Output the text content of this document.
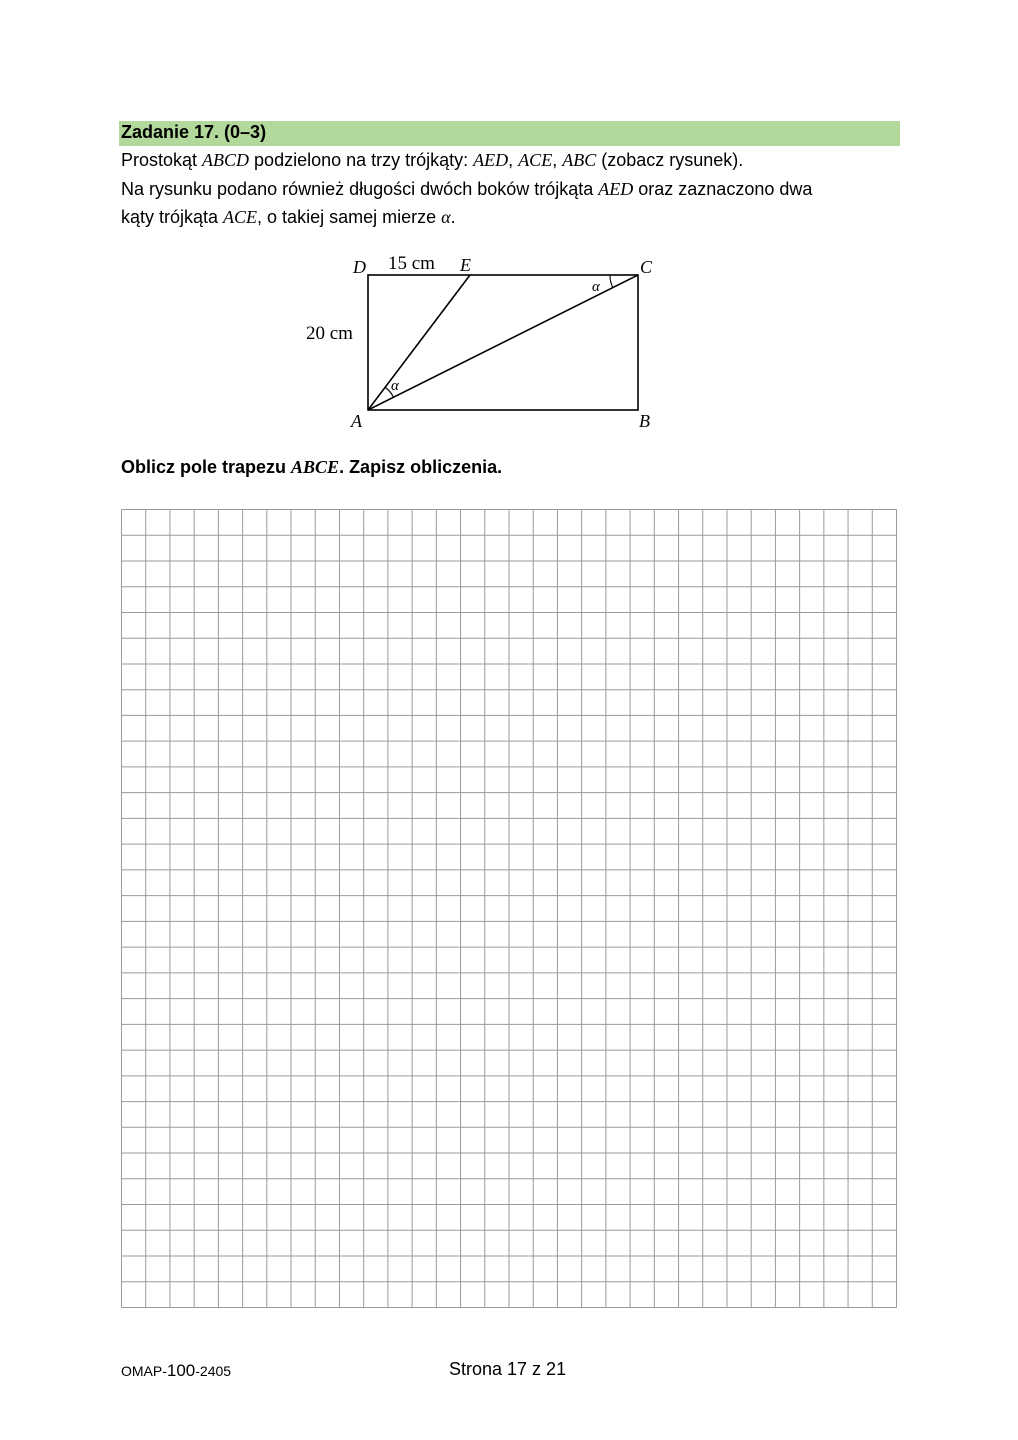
Zadanie 17. (0–3)
Prostokąt ABCD podzielono na trzy trójkąty: AED, ACE, ABC (zobacz rysunek).
Na rysunku podano również długości dwóch boków trójkąta AED oraz zaznaczono dwa
kąty trójkąta ACE, o takiej samej mierze α.
α
α
D	E	C
A	B
15 cm
20 cm
Oblicz pole trapezu ABCE. Zapisz obliczenia.
OMAP-100-2405	Strona 17 z 21
